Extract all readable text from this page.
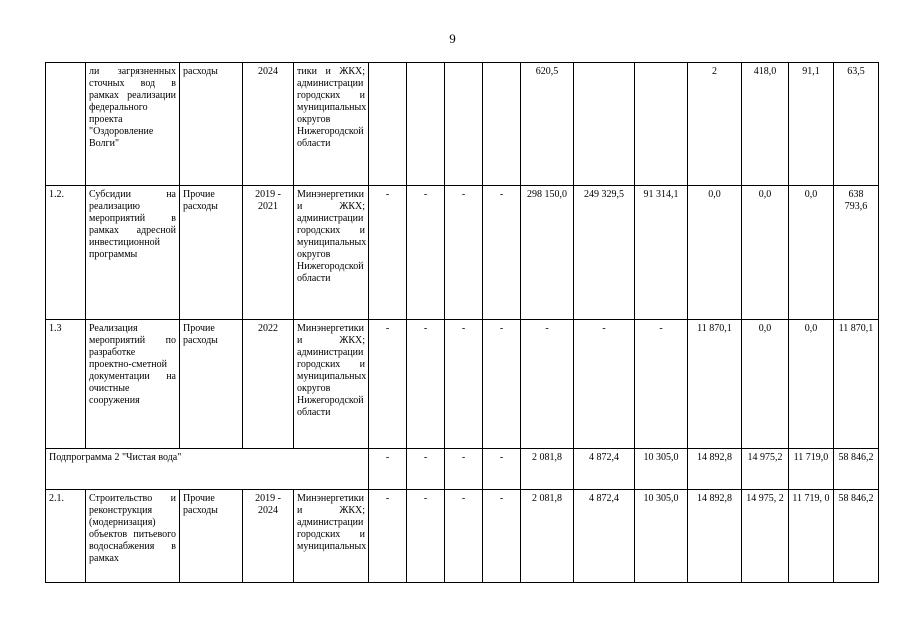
9
	ли загрязненных сточных вод в рамках реализации федерального проекта "Оздоровление Волги"	расходы	2024	тики и ЖКХ; администрации городских и муниципальных округов Нижегородской области					620,5			2	418,0	91,1	63,5
1.2.	Субсидии на реализацию мероприятий в рамках адресной инвестиционной программы	Прочие расходы	2019 - 2021	Минэнергетики и ЖКХ; администрации городских и муниципальных округов Нижегородской области	-	-	-	-	298 150,0	249 329,5	91 314,1	0,0	0,0	0,0	638 793,6
1.3	Реализация мероприятий по разработке проектно-сметной документации на очистные сооружения	Прочие расходы	2022	Минэнергетики и ЖКХ; администрации городских и муниципальных округов Нижегородской области	-	-	-	-	-	-	-	11 870,1	0,0	0,0	11 870,1
Подпрограмма 2 "Чистая вода"					-	-	-	-	2 081,8	4 872,4	10 305,0	14 892,8	14 975,2	11 719,0	58 846,2
2.1.	Строительство и реконструкция (модернизация) объектов питьевого водоснабжения в рамках	Прочие расходы	2019 - 2024	Минэнергетики и ЖКХ; администрации городских и муниципальных	-	-	-	-	2 081,8	4 872,4	10 305,0	14 892,8	14 975, 2	11 719, 0	58 846,2
